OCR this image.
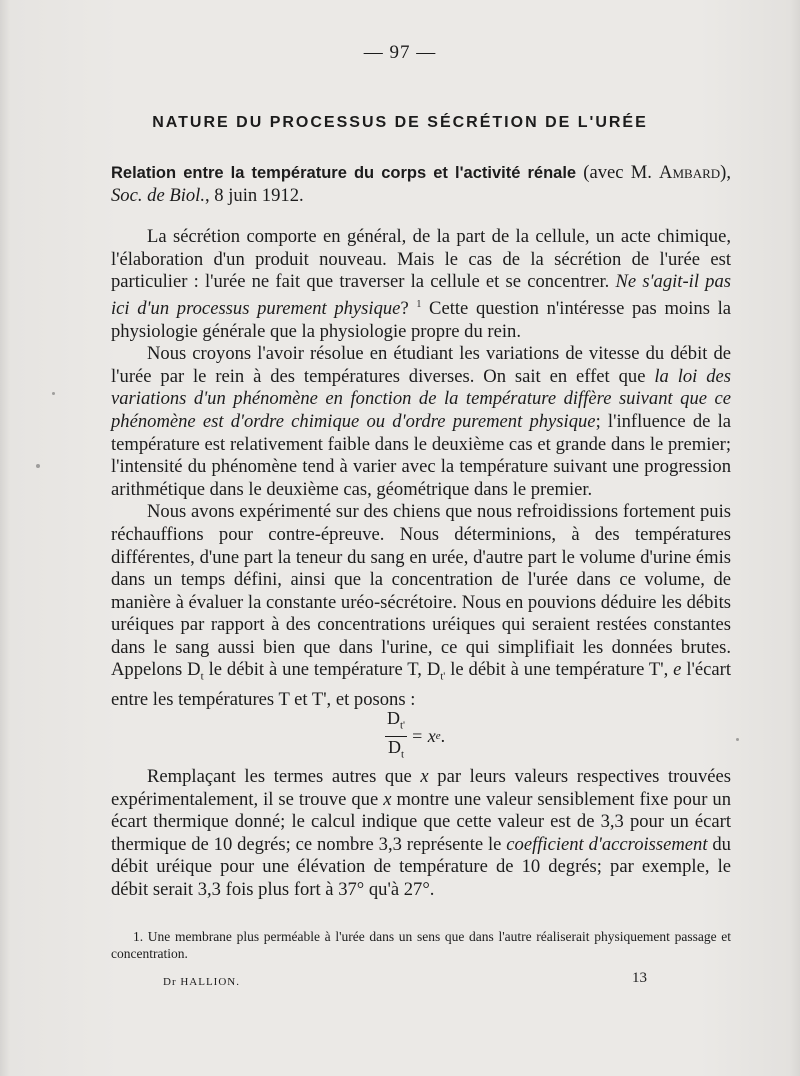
— 97 —
NATURE DU PROCESSUS DE SÉCRÉTION DE L'URÉE
Relation entre la température du corps et l'activité rénale (avec M. Ambard), Soc. de Biol., 8 juin 1912.

La sécrétion comporte en général, de la part de la cellule, un acte chimique, l'élaboration d'un produit nouveau. Mais le cas de la sécrétion de l'urée est particulier : l'urée ne fait que traverser la cellule et se concentrer. Ne s'agit-il pas ici d'un processus purement physique? $^1$ Cette question n'intéresse pas moins la physiologie générale que la physiologie propre du rein.

Nous croyons l'avoir résolue en étudiant les variations de vitesse du débit de l'urée par le rein à des températures diverses. On sait en effet que la loi des variations d'un phénomène en fonction de la température diffère suivant que ce phénomène est d'ordre chimique ou d'ordre purement physique; l'influence de la température est relativement faible dans le deuxième cas et grande dans le premier; l'intensité du phénomène tend à varier avec la température suivant une progression arithmétique dans le deuxième cas, géométrique dans le premier.

Nous avons expérimenté sur des chiens que nous refroidissions fortement puis réchauffions pour contre-épreuve. Nous déterminions, à des températures différentes, d'une part la teneur du sang en urée, d'autre part le volume d'urine émis dans un temps défini, ainsi que la concentration de l'urée dans ce volume, de manière à évaluer la constante uréo-sécrétoire. Nous en pouvions déduire les débits uréiques par rapport à des concentrations uréiques qui seraient restées constantes dans le sang aussi bien que dans l'urine, ce qui simplifiait les données brutes. Appelons $D_t$ le débit à une température T, $D_{t'}$ le débit à une température T', e l'écart entre les températures T et T', et posons :

$\frac{D_{t'}}{D_t} = x$ e .

Remplaçant les termes autres que x par leurs valeurs respectives trouvées expérimentalement, il se trouve que x montre une valeur sensiblement fixe pour un écart thermique donné; le calcul indique que cette valeur est de 3,3 pour un écart thermique de 10 degrés; ce nombre 3,3 représente le coefficient d'accroissement du débit uréique pour une élévation de température de 10 degrés; par exemple, le débit serait 3,3 fois plus fort à 37° qu'à 27°.

1. Une membrane plus perméable à l'urée dans un sens que dans l'autre réaliserait physiquement passage et concentration.
Dr HALLION.	13
